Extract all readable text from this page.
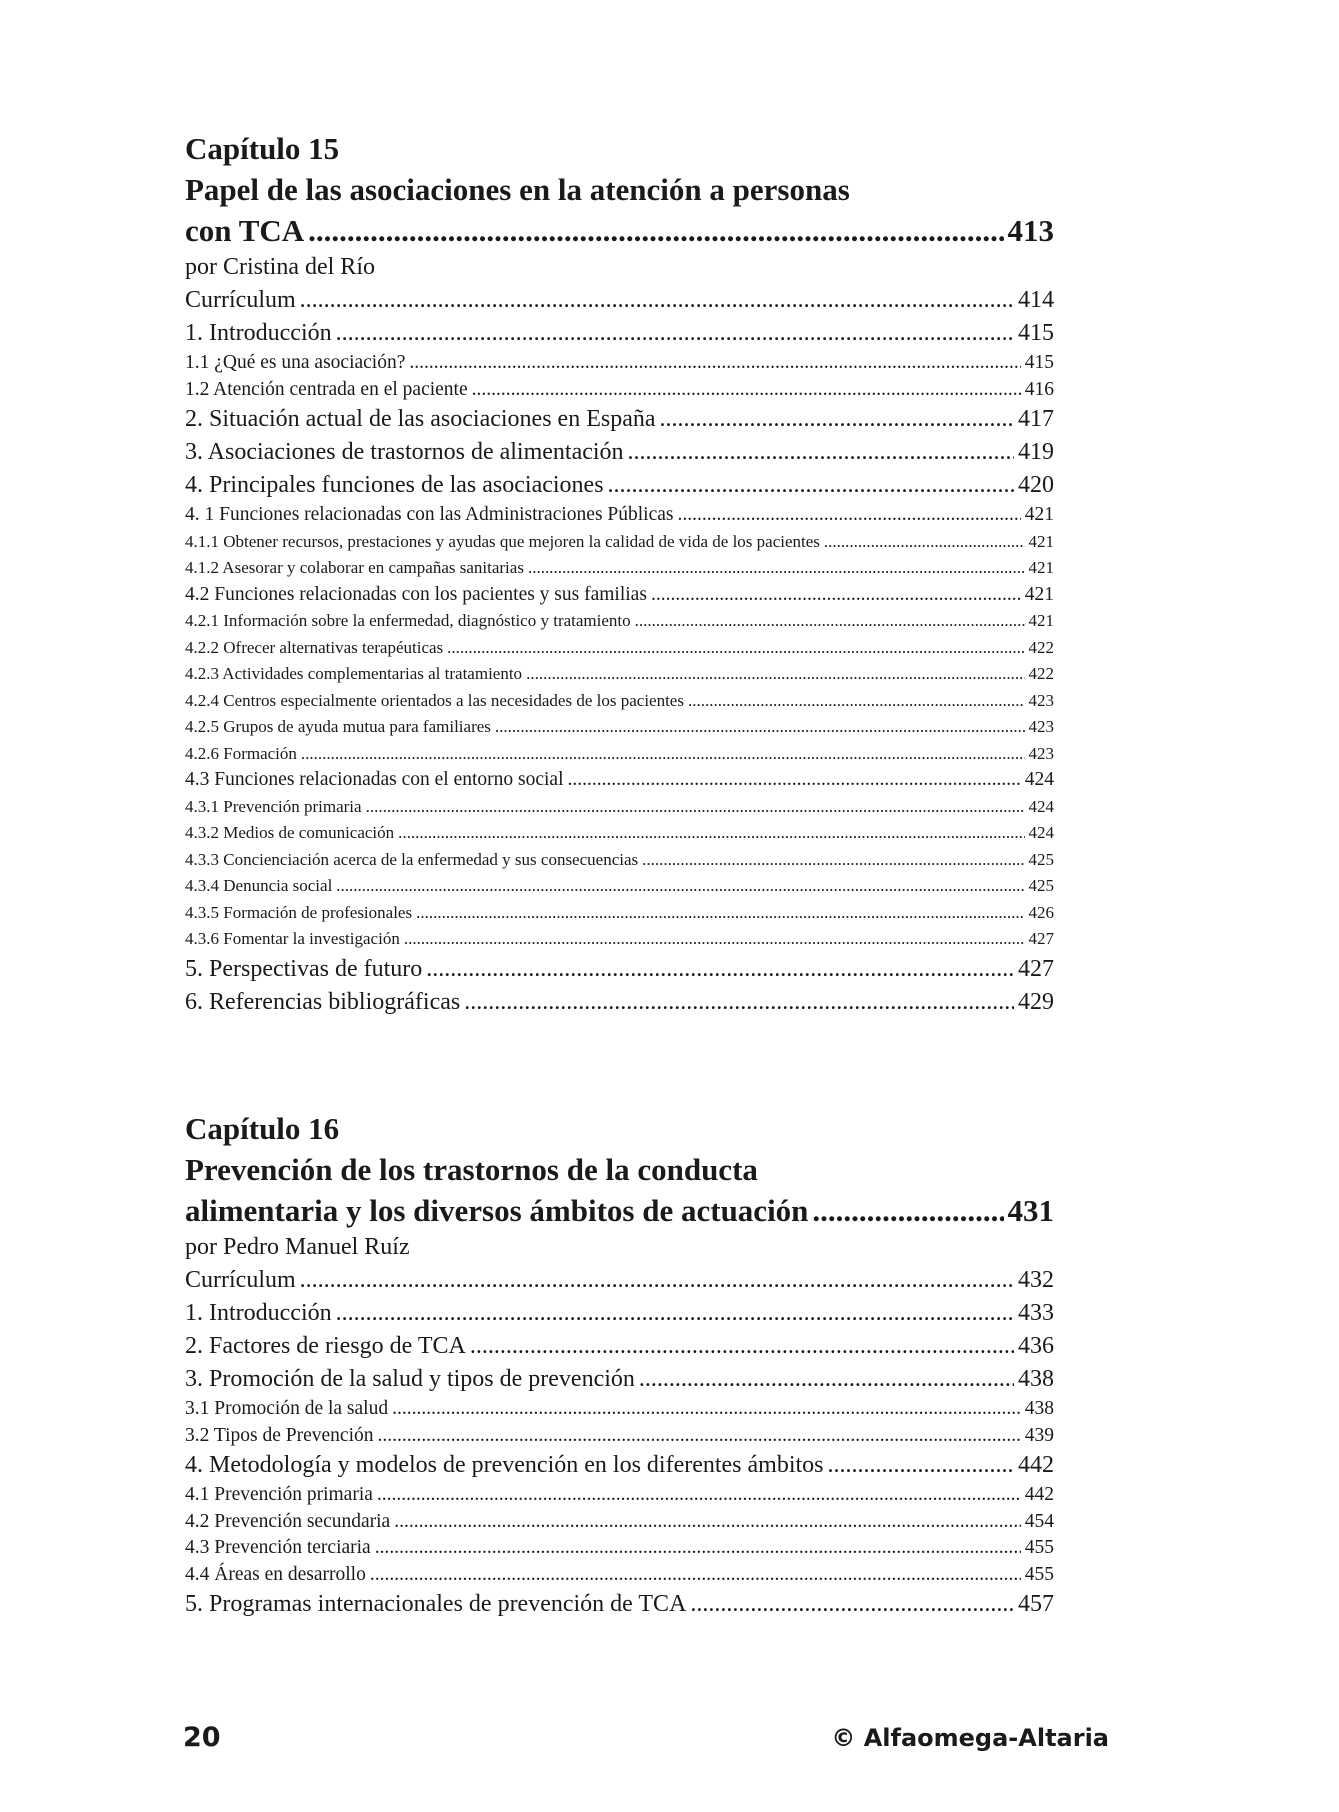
Capítulo 15
Papel de las asociaciones en la atención a personas
con TCA .....	413
por Cristina del Río
Currículum .....	414
1. Introducción .....	415
1.1 ¿Qué es una asociación? .....	415
1.2 Atención centrada en el paciente .....	416
2. Situación actual de las asociaciones en España .....	417
3. Asociaciones de trastornos de alimentación .....	419
4. Principales funciones de las asociaciones .....	420
4. 1 Funciones relacionadas con las Administraciones Públicas .....	421
4.1.1 Obtener recursos, prestaciones y ayudas que mejoren la calidad de vida de los pacientes .....	421
4.1.2 Asesorar y colaborar en campañas sanitarias .....	421
4.2 Funciones relacionadas con los pacientes y sus familias .....	421
4.2.1 Información sobre la enfermedad, diagnóstico y tratamiento .....	421
4.2.2 Ofrecer alternativas terapéuticas .....	422
4.2.3 Actividades complementarias al tratamiento .....	422
4.2.4 Centros especialmente orientados a las necesidades de los pacientes .....	423
4.2.5 Grupos de ayuda mutua para familiares .....	423
4.2.6 Formación .....	423
4.3 Funciones relacionadas con el entorno social .....	424
4.3.1 Prevención primaria .....	424
4.3.2 Medios de comunicación .....	424
4.3.3 Concienciación acerca de la enfermedad y sus consecuencias .....	425
4.3.4 Denuncia social .....	425
4.3.5 Formación de profesionales .....	426
4.3.6 Fomentar la investigación .....	427
5. Perspectivas de futuro .....	427
6. Referencias bibliográficas .....	429
Capítulo 16
Prevención de los trastornos de la conducta
alimentaria y los diversos ámbitos de actuación .....	431
por Pedro Manuel Ruíz
Currículum .....	432
1. Introducción .....	433
2. Factores de riesgo de TCA .....	436
3. Promoción de la salud y tipos de prevención .....	438
3.1 Promoción de la salud .....	438
3.2 Tipos de Prevención .....	439
4. Metodología y modelos de prevención en los diferentes ámbitos .....	442
4.1 Prevención primaria .....	442
4.2 Prevención secundaria .....	454
4.3 Prevención terciaria .....	455
4.4 Áreas en desarrollo .....	455
5. Programas internacionales de prevención de TCA .....	457
20	© Alfaomega-Altaria
